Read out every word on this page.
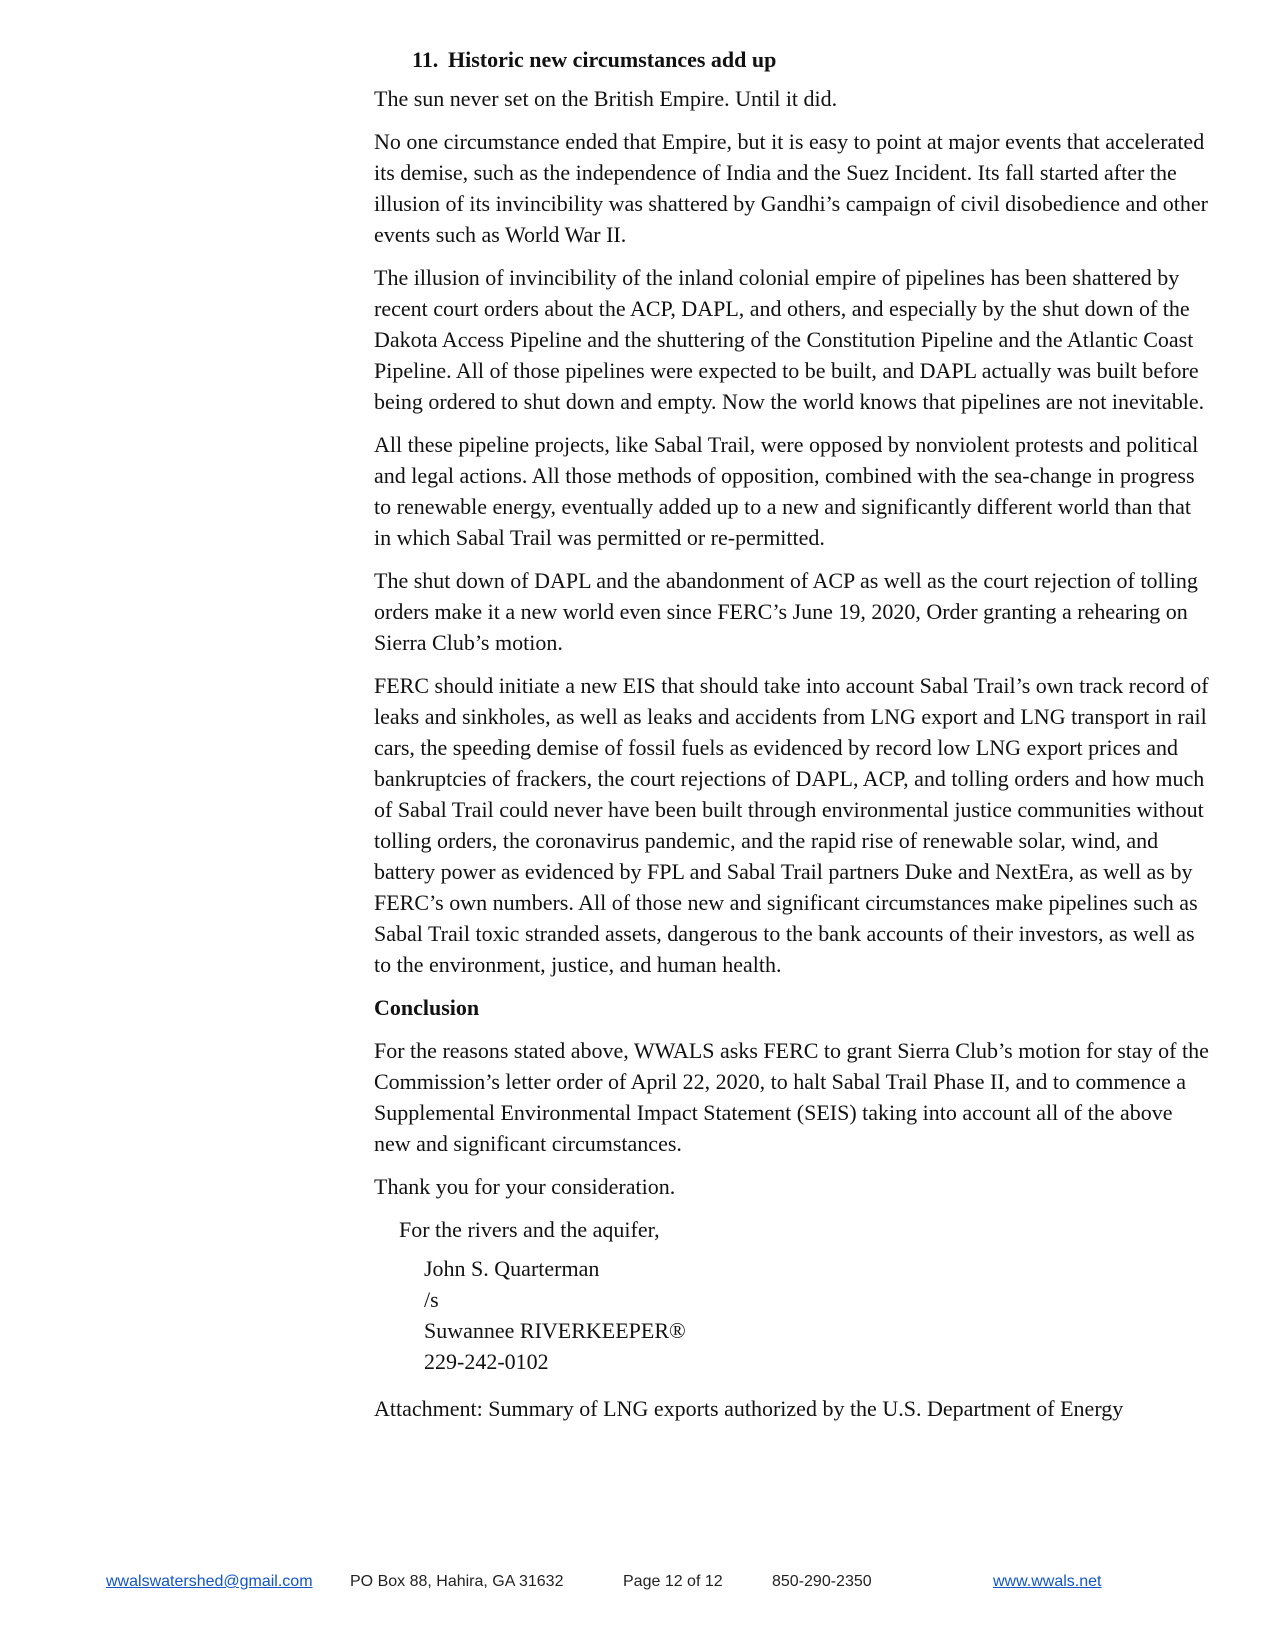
11. Historic new circumstances add up

The sun never set on the British Empire. Until it did.

No one circumstance ended that Empire, but it is easy to point at major events that accelerated its demise, such as the independence of India and the Suez Incident. Its fall started after the illusion of its invincibility was shattered by Gandhi’s campaign of civil disobedience and other events such as World War II.

The illusion of invincibility of the inland colonial empire of pipelines has been shattered by recent court orders about the ACP, DAPL, and others, and especially by the shut down of the Dakota Access Pipeline and the shuttering of the Constitution Pipeline and the Atlantic Coast Pipeline. All of those pipelines were expected to be built, and DAPL actually was built before being ordered to shut down and empty. Now the world knows that pipelines are not inevitable.

All these pipeline projects, like Sabal Trail, were opposed by nonviolent protests and political and legal actions. All those methods of opposition, combined with the sea-change in progress to renewable energy, eventually added up to a new and significantly different world than that in which Sabal Trail was permitted or re-permitted.

The shut down of DAPL and the abandonment of ACP as well as the court rejection of tolling orders make it a new world even since FERC’s June 19, 2020, Order granting a rehearing on Sierra Club’s motion.

FERC should initiate a new EIS that should take into account Sabal Trail’s own track record of leaks and sinkholes, as well as leaks and accidents from LNG export and LNG transport in rail cars, the speeding demise of fossil fuels as evidenced by record low LNG export prices and bankruptcies of frackers, the court rejections of DAPL, ACP, and tolling orders and how much of Sabal Trail could never have been built through environmental justice communities without tolling orders, the coronavirus pandemic, and the rapid rise of renewable solar, wind, and battery power as evidenced by FPL and Sabal Trail partners Duke and NextEra, as well as by FERC’s own numbers. All of those new and significant circumstances make pipelines such as Sabal Trail toxic stranded assets, dangerous to the bank accounts of their investors, as well as to the environment, justice, and human health.

Conclusion

For the reasons stated above, WWALS asks FERC to grant Sierra Club’s motion for stay of the Commission’s letter order of April 22, 2020, to halt Sabal Trail Phase II, and to commence a Supplemental Environmental Impact Statement (SEIS) taking into account all of the above new and significant circumstances.

Thank you for your consideration.

For the rivers and the aquifer,
John S. Quarterman
/s
Suwannee RIVERKEEPER®
229-242-0102

Attachment: Summary of LNG exports authorized by the U.S. Department of Energy

wwalswatershed@gmail.com PO Box 88, Hahira, GA 31632	Page 12 of 12	850-290-2350	www.wwals.net
